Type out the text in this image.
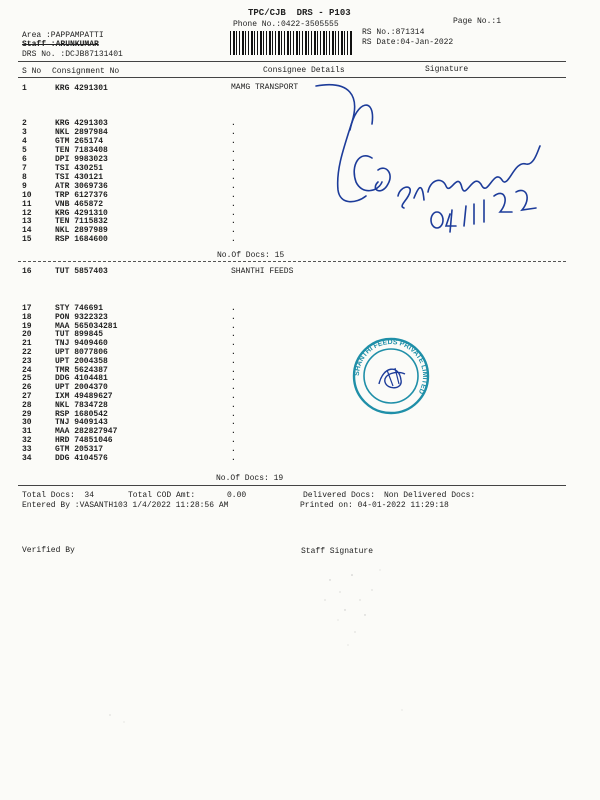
TPC/CJB  DRS - P103
Phone No.:0422-3505555	Page No.:1
Area :PAPPAMPATTI
Staff :ARUNKUMAR
DRS No. :DCJB87131401
RS No.:871314
RS Date:04-Jan-2022
S No Consignment No	Consignee Details	Signature
1	KRG 4291301	MAMG TRANSPORT
2	KRG 4291303	.
3	NKL 2897984	.
4	GTM 265174	.
5	TEN 7183408	.
6	DPI 9983023	.
7	TSI 430251	.
8	TSI 430121	.
9	ATR 3069736	.
10	TRP 6127376	.
11	VNB 465872	.
12	KRG 4291310	.
13	TEN 7115832	.
14	NKL 2897989	.
15	RSP 1684600	.
No.Of Docs: 15
16	TUT 5857403	SHANTHI FEEDS
17	STY 746691	.
18	PON 9322323	.
19	MAA 565034281	.
20	TUT 899845	.
21	TNJ 9409460	.
22	UPT 8077806	.
23	UPT 2004358	.
24	TMR 5624387	.
25	DDG 4104481	.
26	UPT 2004370	.
27	IXM 49489627	.
28	NKL 7834728	.
29	RSP 1680542	.
30	TNJ 9409143	.
31	MAA 282827947	.
32	HRD 74851046	.
33	GTM 205317	.
34	DDG 4104576	.
No.Of Docs: 19
Total Docs:  34	Total COD Amt:	0.00	Delivered Docs: Non Delivered Docs:
Entered By :VASANTH103 1/4/2022 11:28:56 AM	Printed on: 04-01-2022 11:29:18
Verified By	Staff Signature
SHANTHI FEEDS PRIVATE LIMITED
